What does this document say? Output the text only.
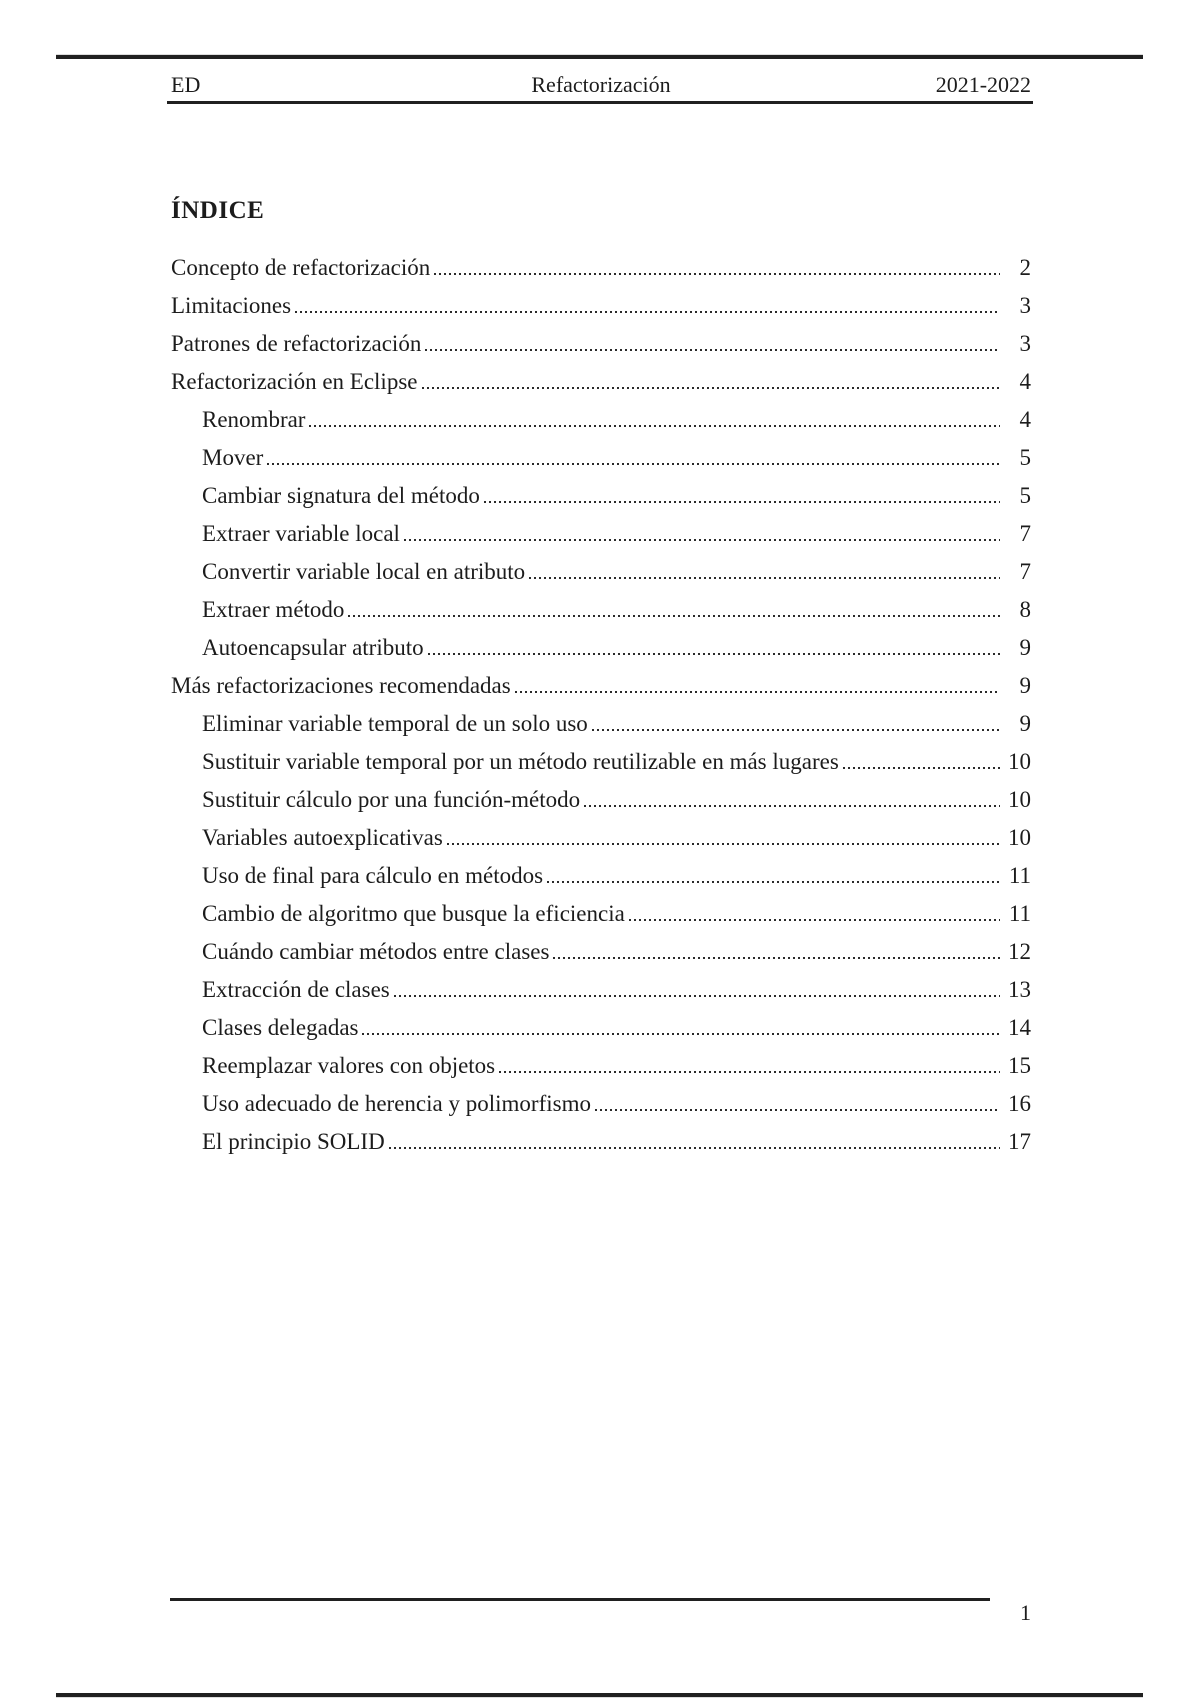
ED	Refactorización	2021-2022
ÍNDICE
Concepto de refactorización	2
Limitaciones	3
Patrones de refactorización	3
Refactorización en Eclipse	4
Renombrar	4
Mover	5
Cambiar signatura del método	5
Extraer variable local	7
Convertir variable local en atributo	7
Extraer método	8
Autoencapsular atributo	9
Más refactorizaciones recomendadas	9
Eliminar variable temporal de un solo uso	9
Sustituir variable temporal por un método reutilizable en más lugares	10
Sustituir cálculo por una función-método	10
Variables autoexplicativas	10
Uso de final para cálculo en métodos	11
Cambio de algoritmo que busque la eficiencia	11
Cuándo cambiar métodos entre clases	12
Extracción de clases	13
Clases delegadas	14
Reemplazar valores con objetos	15
Uso adecuado de herencia y polimorfismo	16
El principio SOLID	17
1
